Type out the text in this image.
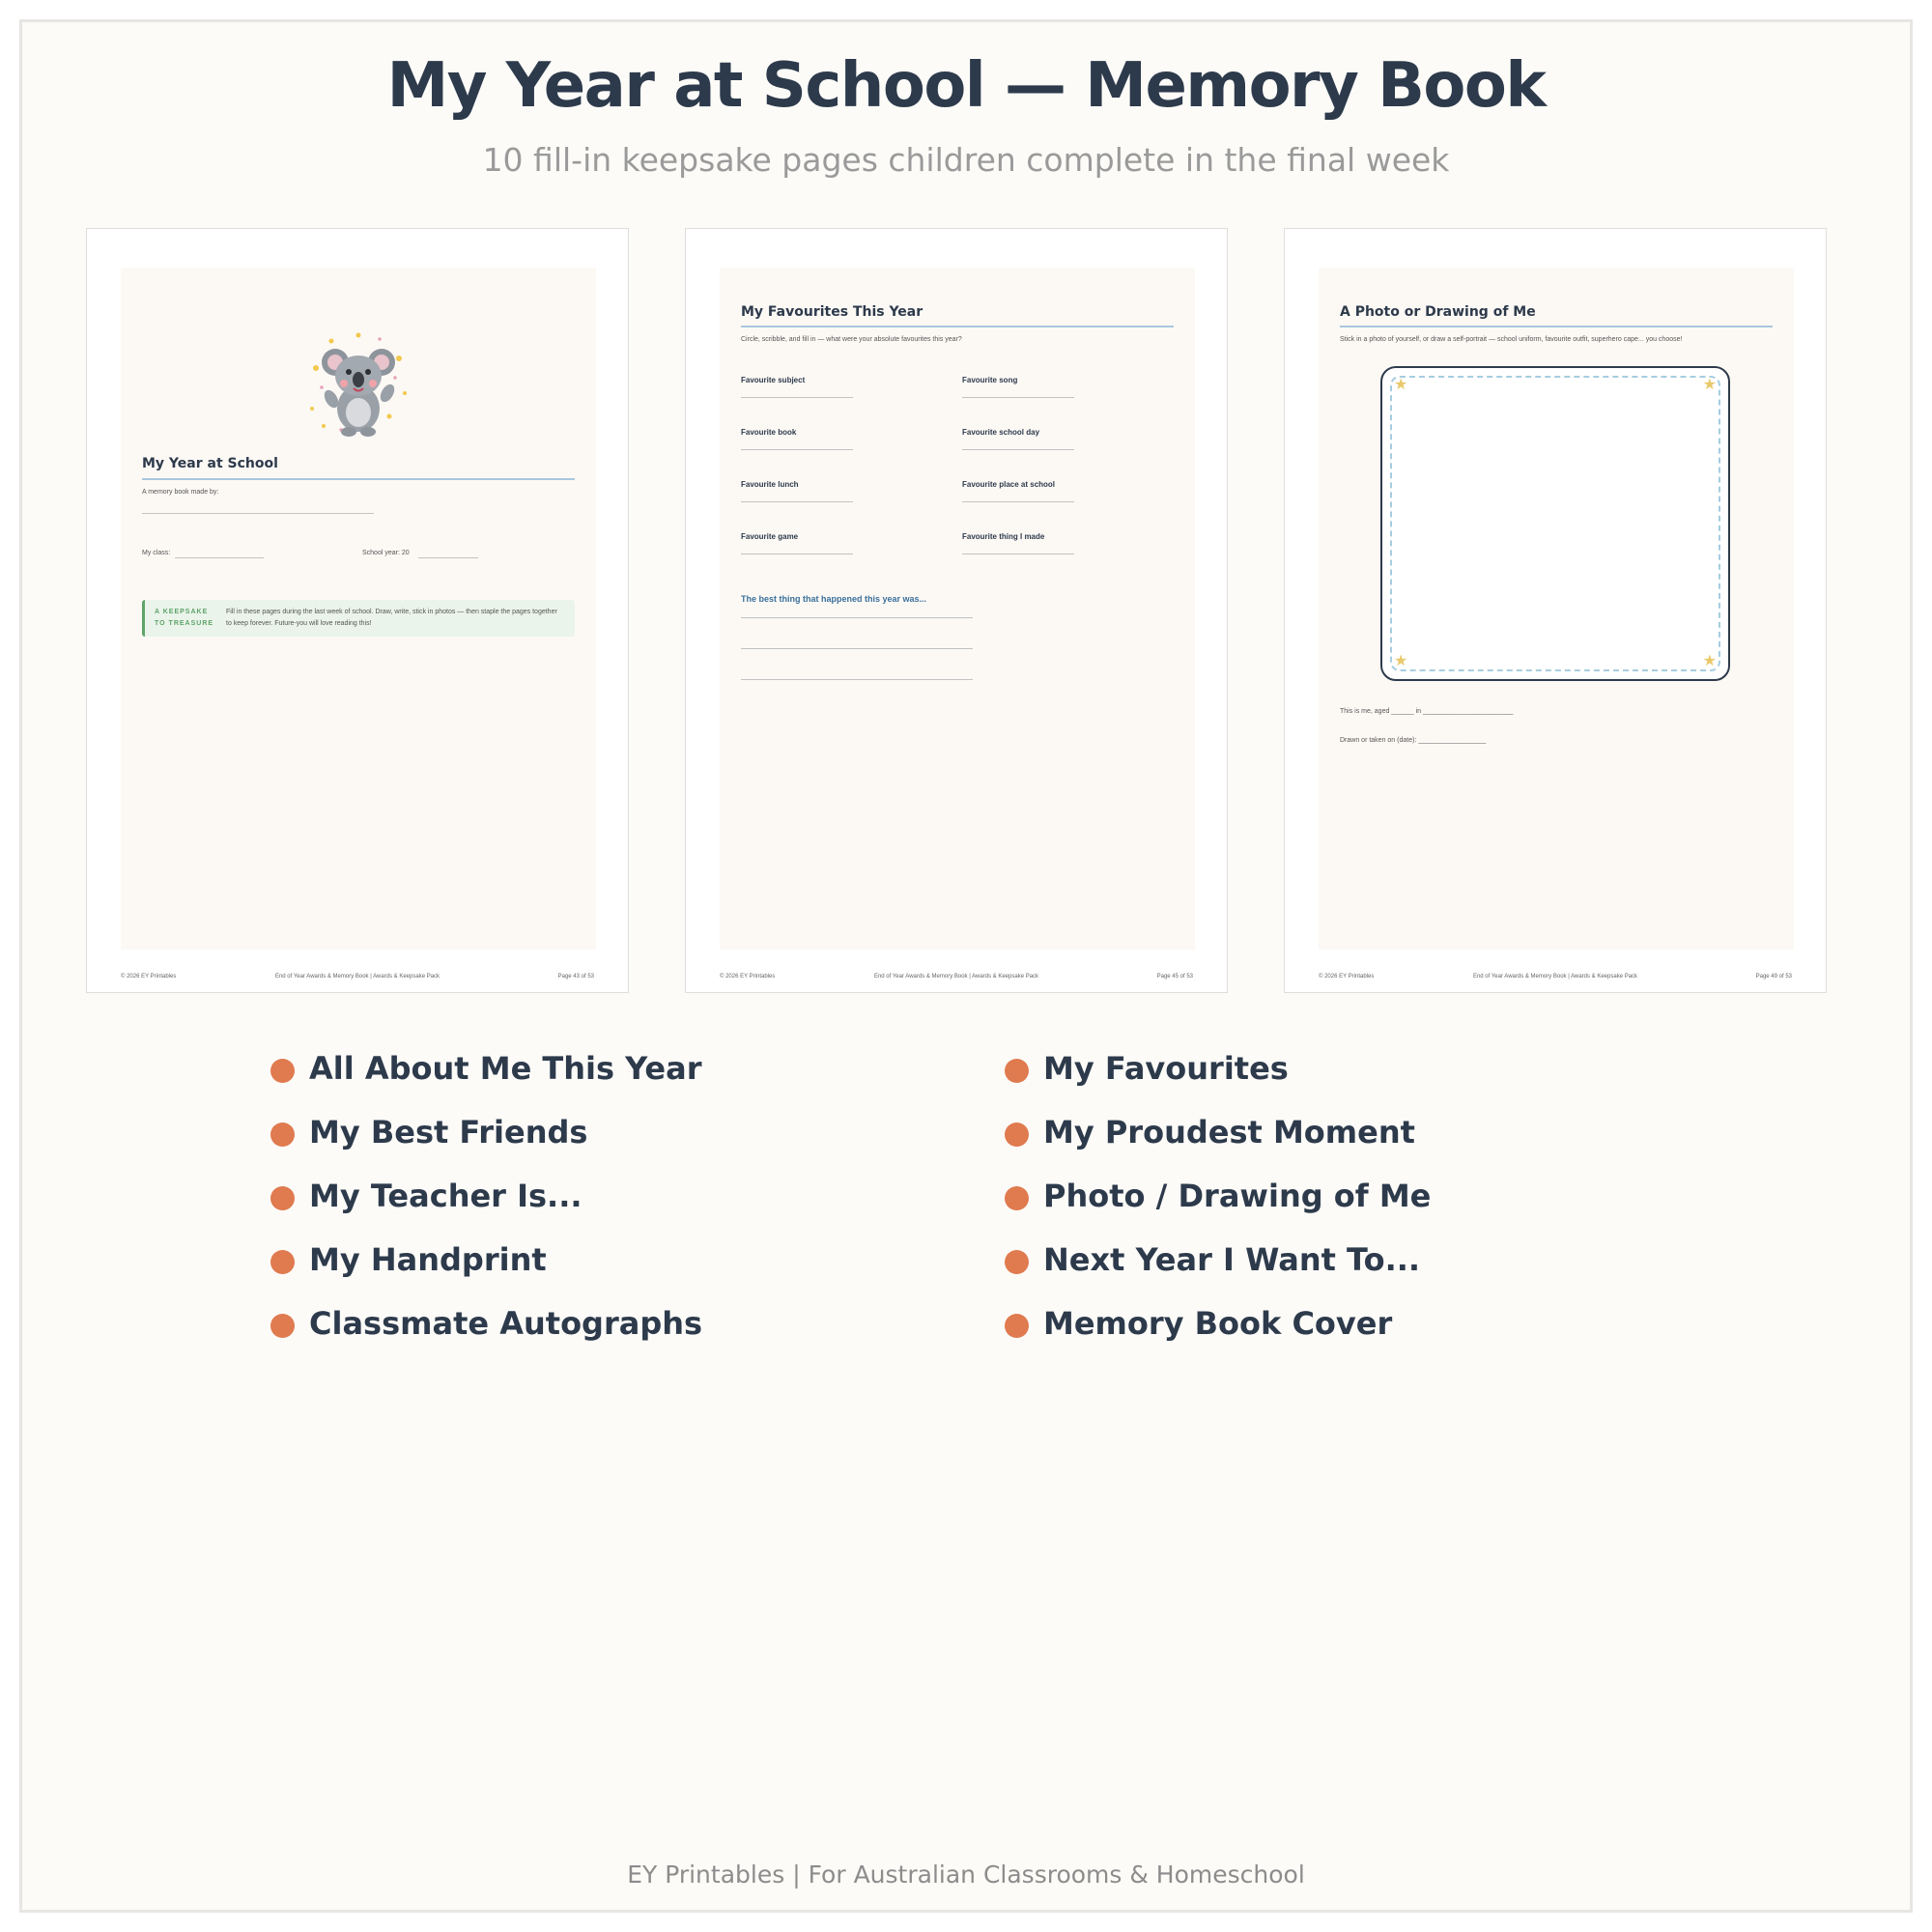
My Year at School — Memory Book
10 fill-in keepsake pages children complete in the final week
My Year at School
A memory book made by:
My class:	School year: 20
A KEEPSAKE TO TREASURE
Fill in these pages during the last week of school. Draw, write, stick in photos — then staple the pages together to keep forever. Future-you will love reading this!
© 2026 EY Printables	End of Year Awards & Memory Book | Awards & Keepsake Pack	Page 43 of 53
My Favourites This Year
Circle, scribble, and fill in — what were your absolute favourites this year?
Favourite subject	Favourite song
Favourite book	Favourite school day
Favourite lunch	Favourite place at school
Favourite game	Favourite thing I made
The best thing that happened this year was...
© 2026 EY Printables	End of Year Awards & Memory Book | Awards & Keepsake Pack	Page 45 of 53
A Photo or Drawing of Me
Stick in a photo of yourself, or draw a self-portrait — school uniform, favourite outfit, superhero cape... you choose!
★	★
★	★
This is me, aged ______ in ________________________
Drawn or taken on (date): __________________
© 2026 EY Printables	End of Year Awards & Memory Book | Awards & Keepsake Pack	Page 49 of 53
All About Me This Year
My Best Friends
My Teacher Is...
My Handprint
Classmate Autographs
My Favourites
My Proudest Moment
Photo / Drawing of Me
Next Year I Want To...
Memory Book Cover
EY Printables | For Australian Classrooms & Homeschool
